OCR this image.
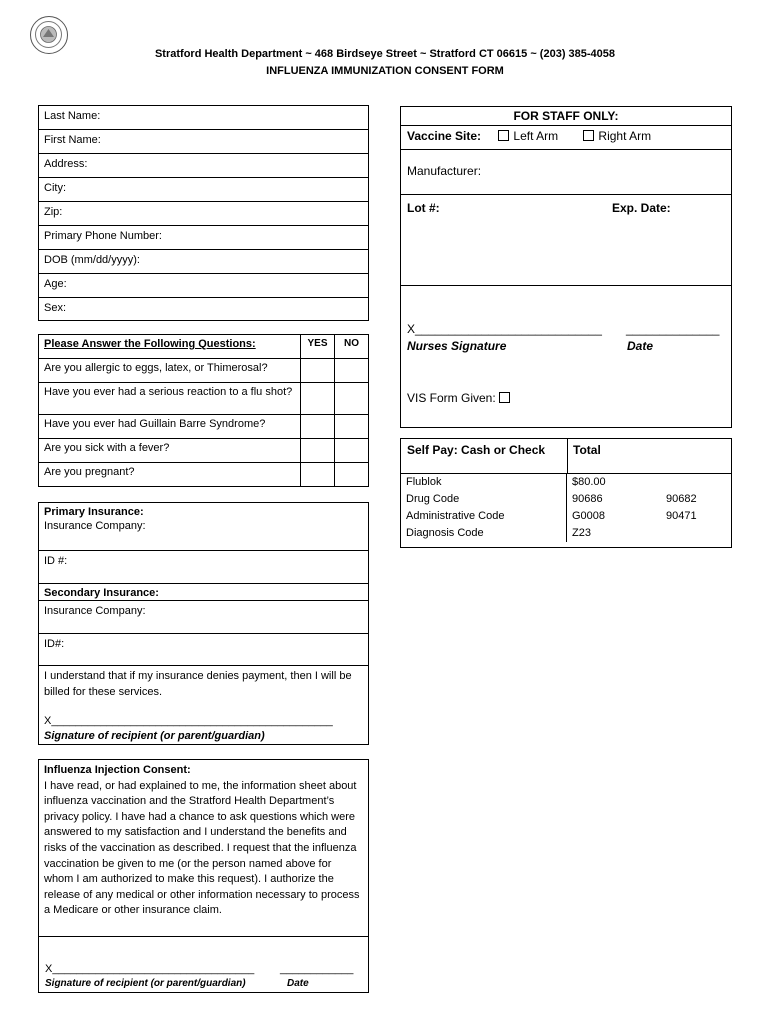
Stratford Health Department ~ 468 Birdseye Street ~ Stratford CT 06615 ~ (203) 385-4058
INFLUENZA IMMUNIZATION CONSENT FORM
Last Name:
First Name:
Address:
City:
Zip:
Primary Phone Number:
DOB (mm/dd/yyyy):
Age:
Sex:
Please Answer the Following Questions:	YES	NO
Are you allergic to eggs, latex, or Thimerosal?		
Have you ever had a serious reaction to a flu shot?		
Have you ever had Guillain Barre Syndrome?		
Are you sick with a fever?		
Are you pregnant?		
Primary Insurance:
Insurance Company:
ID #:
Secondary Insurance:
Insurance Company:
ID#:
I understand that if my insurance denies payment, then I will be billed for these services.
X______________________________________________
Signature of recipient (or parent/guardian)
Influenza Injection Consent:
I have read, or had explained to me, the information sheet about influenza vaccination and the Stratford Health Department’s privacy policy. I have had a chance to ask questions which were answered to my satisfaction and I understand the benefits and risks of the vaccination as described. I request that the influenza vaccination be given to me (or the person named above for whom I am authorized to make this request). I authorize the release of any medical or other information necessary to process a Medicare or other insurance claim.
X_________________________________ ____________
Signature of recipient (or parent/guardian)	Date
FOR STAFF ONLY:
Vaccine Site:	Left Arm	Right Arm
Manufacturer:
Lot #:	Exp. Date:
X____________________________ ______________
Nurses Signature	Date
VIS Form Given:
Self Pay: Cash or Check Total
Flublok	$80.00	
Drug Code	90686	90682
Administrative Code	G0008	90471
Diagnosis Code	Z23	
